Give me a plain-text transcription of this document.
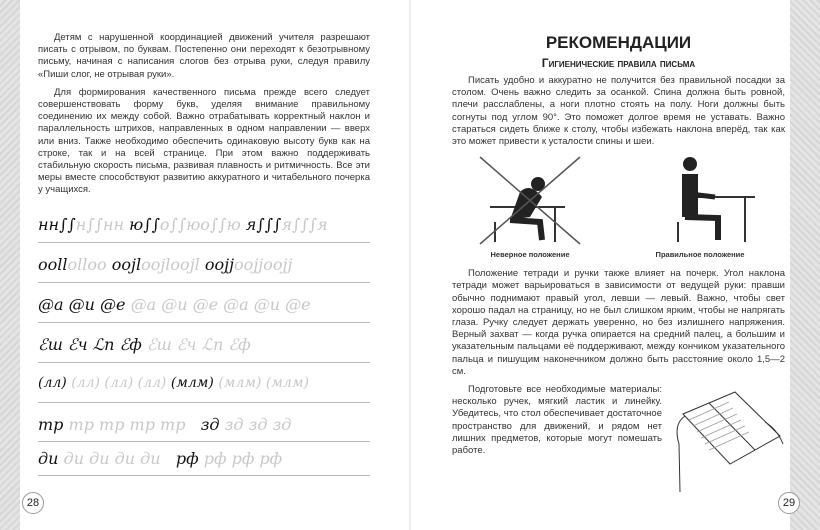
Детям с нарушенной координацией движений учителя разрешают писать с отрывом, по буквам. Постепенно они переходят к безотрывному письму, начиная с написания слогов без отрыва руки, следуя правилу «Пиши слог, не отрывая руки».

Для формирования качественного письма прежде всего следует совершенствовать форму букв, уделяя внимание правильному соединению их между собой. Важно отрабатывать корректный наклон и параллельность штрихов, направленных в одном направлении — вверх или вниз. Также необходимо обеспечить одинаковую высоту букв как на строке, так и на всей странице. При этом важно поддерживать стабильную скорость письма, развивая плавность и ритмичность. Все эти меры вместе способствуют развитию аккуратного и читабельного почерка у учащихся.

нн∫∫н∫∫нн ю∫∫о∫∫юо∫∫ю я∫∫∫я∫∫∫я
oollolloo oojloojloojl ooјјooјјooјј
@a @u @e @a @u @e @a @u @e
ℰш ℰч ℒn ℰф ℰш ℰч ℒn ℰф
(лл) (лл) (лл) (лл) (млм) (млм) (млм)
тр тр тр тр тр зд зд зд зд
ди ди ди ди ди рф рф рф рф
28
РЕКОМЕНДАЦИИ
Гигиенические правила письма

Писать удобно и аккуратно не получится без правильной посадки за столом. Очень важно следить за осанкой. Спина должна быть ровной, плечи расслаблены, а ноги плотно стоять на полу. Ноги должны быть согнуты под углом 90°. Это поможет долгое время не уставать. Важно стараться сидеть ближе к столу, чтобы избежать наклона вперёд, так как это может привести к усталости спины и шеи.

Неверное положение	Правильное положение

Положение тетради и ручки также влияет на почерк. Угол наклона тетради может варьироваться в зависимости от ведущей руки: правши обычно поднимают правый угол, левши — левый. Важно, чтобы свет хорошо падал на страницу, но не был слишком ярким, чтобы не напрягать глаза. Ручку следует держать уверенно, но без излишнего напряжения. Верный захват — когда ручка опирается на средний палец, а большим и указательным пальцами её поддерживают, между кончиком указательного пальца и пишущим наконечником должно быть расстояние около 1,5—2 см.

Подготовьте все необходимые материалы: несколько ручек, мягкий ластик и линейку. Убедитесь, что стол обеспечивает достаточное пространство для движений, и рядом нет лишних предметов, которые могут помешать работе.

29
